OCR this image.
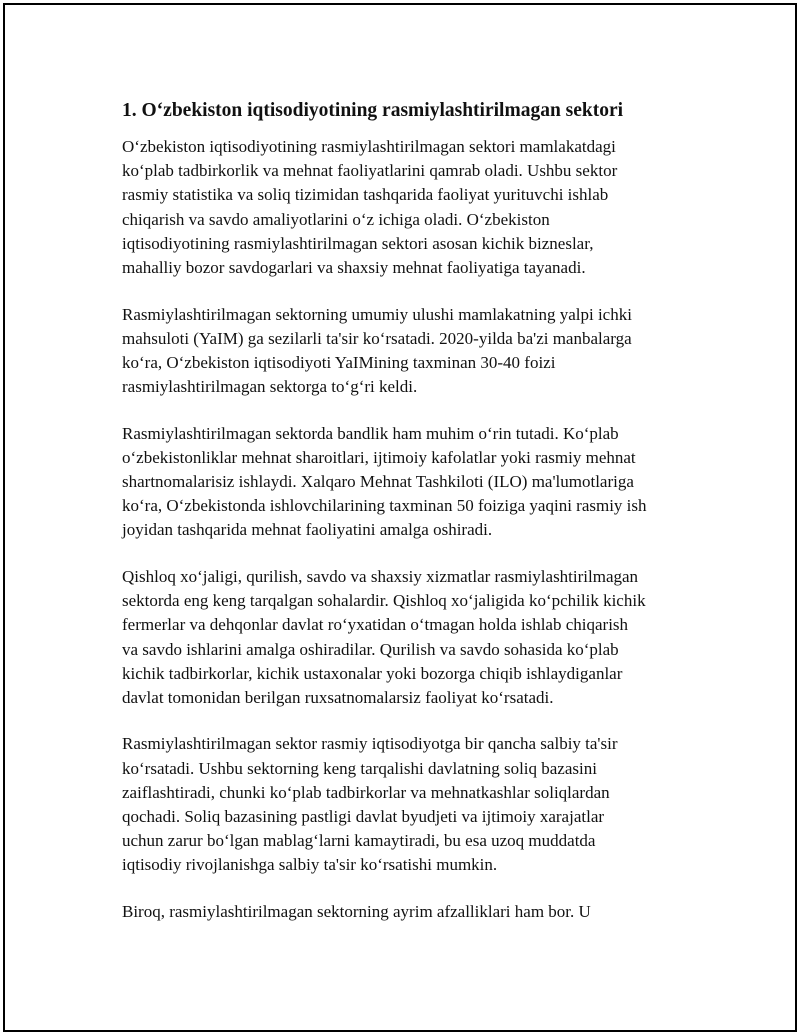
1. O‘zbekiston iqtisodiyotining rasmiylashtirilmagan sektori

O‘zbekiston iqtisodiyotining rasmiylashtirilmagan sektori mamlakatdagi
ko‘plab tadbirkorlik va mehnat faoliyatlarini qamrab oladi. Ushbu sektor
rasmiy statistika va soliq tizimidan tashqarida faoliyat yurituvchi ishlab
chiqarish va savdo amaliyotlarini o‘z ichiga oladi. O‘zbekiston
iqtisodiyotining rasmiylashtirilmagan sektori asosan kichik bizneslar,
mahalliy bozor savdogarlari va shaxsiy mehnat faoliyatiga tayanadi.

Rasmiylashtirilmagan sektorning umumiy ulushi mamlakatning yalpi ichki
mahsuloti (YaIM) ga sezilarli ta'sir ko‘rsatadi. 2020-yilda ba'zi manbalarga
ko‘ra, O‘zbekiston iqtisodiyoti YaIMining taxminan 30-40 foizi
rasmiylashtirilmagan sektorga to‘g‘ri keldi.

Rasmiylashtirilmagan sektorda bandlik ham muhim o‘rin tutadi. Ko‘plab
o‘zbekistonliklar mehnat sharoitlari, ijtimoiy kafolatlar yoki rasmiy mehnat
shartnomalarisiz ishlaydi. Xalqaro Mehnat Tashkiloti (ILO) ma'lumotlariga
ko‘ra, O‘zbekistonda ishlovchilarining taxminan 50 foiziga yaqini rasmiy ish
joyidan tashqarida mehnat faoliyatini amalga oshiradi.

Qishloq xo‘jaligi, qurilish, savdo va shaxsiy xizmatlar rasmiylashtirilmagan
sektorda eng keng tarqalgan sohalardir. Qishloq xo‘jaligida ko‘pchilik kichik
fermerlar va dehqonlar davlat ro‘yxatidan o‘tmagan holda ishlab chiqarish
va savdo ishlarini amalga oshiradilar. Qurilish va savdo sohasida ko‘plab
kichik tadbirkorlar, kichik ustaxonalar yoki bozorga chiqib ishlaydiganlar
davlat tomonidan berilgan ruxsatnomalarsiz faoliyat ko‘rsatadi.

Rasmiylashtirilmagan sektor rasmiy iqtisodiyotga bir qancha salbiy ta'sir
ko‘rsatadi. Ushbu sektorning keng tarqalishi davlatning soliq bazasini
zaiflashtiradi, chunki ko‘plab tadbirkorlar va mehnatkashlar soliqlardan
qochadi. Soliq bazasining pastligi davlat byudjeti va ijtimoiy xarajatlar
uchun zarur bo‘lgan mablag‘larni kamaytiradi, bu esa uzoq muddatda
iqtisodiy rivojlanishga salbiy ta'sir ko‘rsatishi mumkin.

Biroq, rasmiylashtirilmagan sektorning ayrim afzalliklari ham bor. U
